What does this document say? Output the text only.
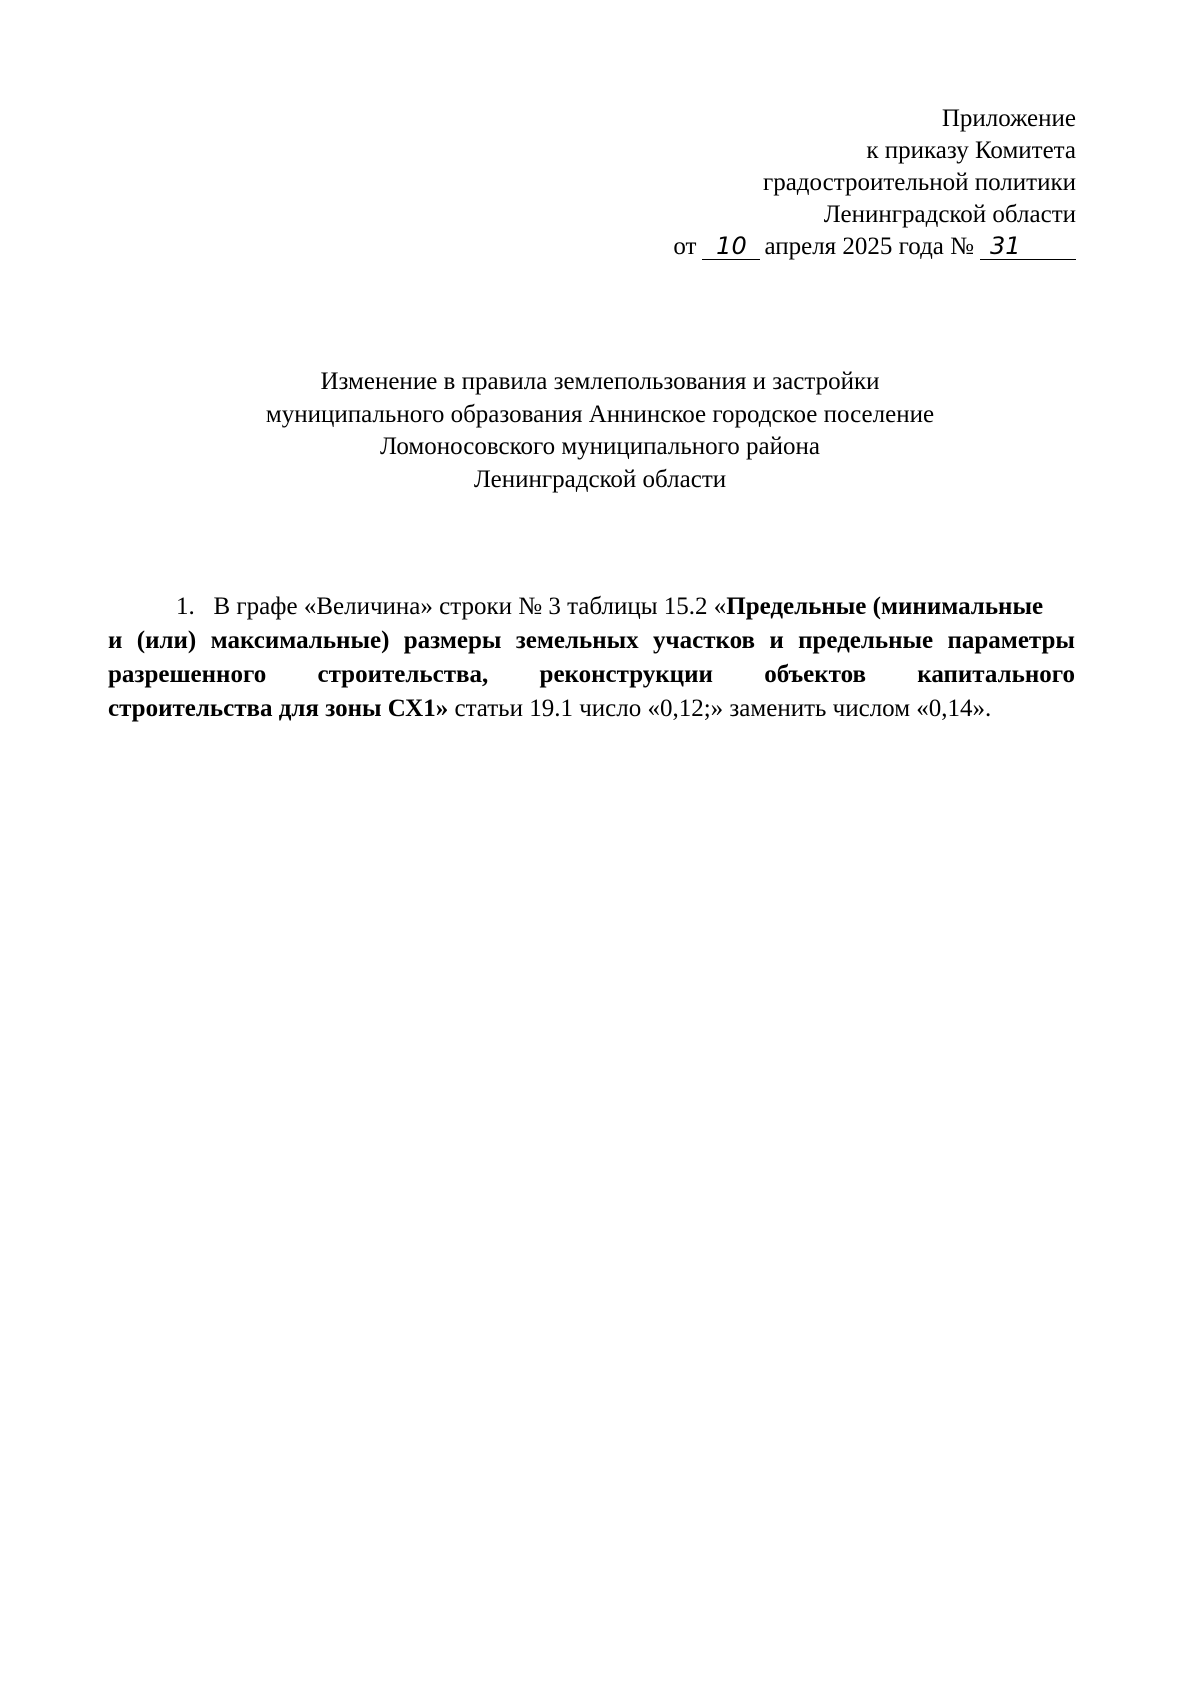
Приложение
к приказу Комитета
градостроительной политики
Ленинградской области
от 10 апреля 2025 года № 31
Изменение в правила землепользования и застройки
муниципального образования Аннинское городское поселение
Ломоносовского муниципального района
Ленинградской области
1. В графе «Величина» строки № 3 таблицы 15.2 «Предельные (минимальные
и (или) максимальные) размеры земельных участков и предельные параметры
разрешенного строительства, реконструкции объектов капитального
строительства для зоны СХ1» статьи 19.1 число «0,12;» заменить числом «0,14».
